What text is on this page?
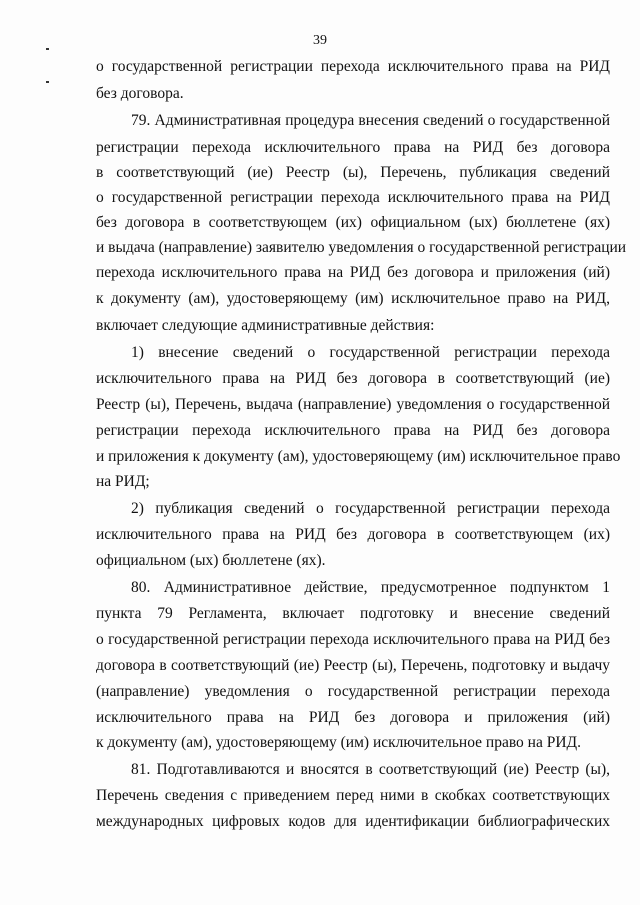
39
о государственной регистрации перехода исключительного права на РИД
без договора.
79. Административная процедура внесения сведений о государственной
регистрации перехода исключительного права на РИД без договора
в соответствующий (ие) Реестр (ы), Перечень, публикация сведений
о государственной регистрации перехода исключительного права на РИД
без договора в соответствующем (их) официальном (ых) бюллетене (ях)
и выдача (направление) заявителю уведомления о государственной регистрации
перехода исключительного права на РИД без договора и приложения (ий)
к документу (ам), удостоверяющему (им) исключительное право на РИД,
включает следующие административные действия:
1) внесение сведений о государственной регистрации перехода
исключительного права на РИД без договора в соответствующий (ие)
Реестр (ы), Перечень, выдача (направление) уведомления о государственной
регистрации перехода исключительного права на РИД без договора
и приложения к документу (ам), удостоверяющему (им) исключительное право
на РИД;
2) публикация сведений о государственной регистрации перехода
исключительного права на РИД без договора в соответствующем (их)
официальном (ых) бюллетене (ях).
80. Административное действие, предусмотренное подпунктом 1
пункта 79 Регламента, включает подготовку и внесение сведений
о государственной регистрации перехода исключительного права на РИД без
договора в соответствующий (ие) Реестр (ы), Перечень, подготовку и выдачу
(направление) уведомления о государственной регистрации перехода
исключительного права на РИД без договора и приложения (ий)
к документу (ам), удостоверяющему (им) исключительное право на РИД.
81. Подготавливаются и вносятся в соответствующий (ие) Реестр (ы),
Перечень сведения с приведением перед ними в скобках соответствующих
международных цифровых кодов для идентификации библиографических
